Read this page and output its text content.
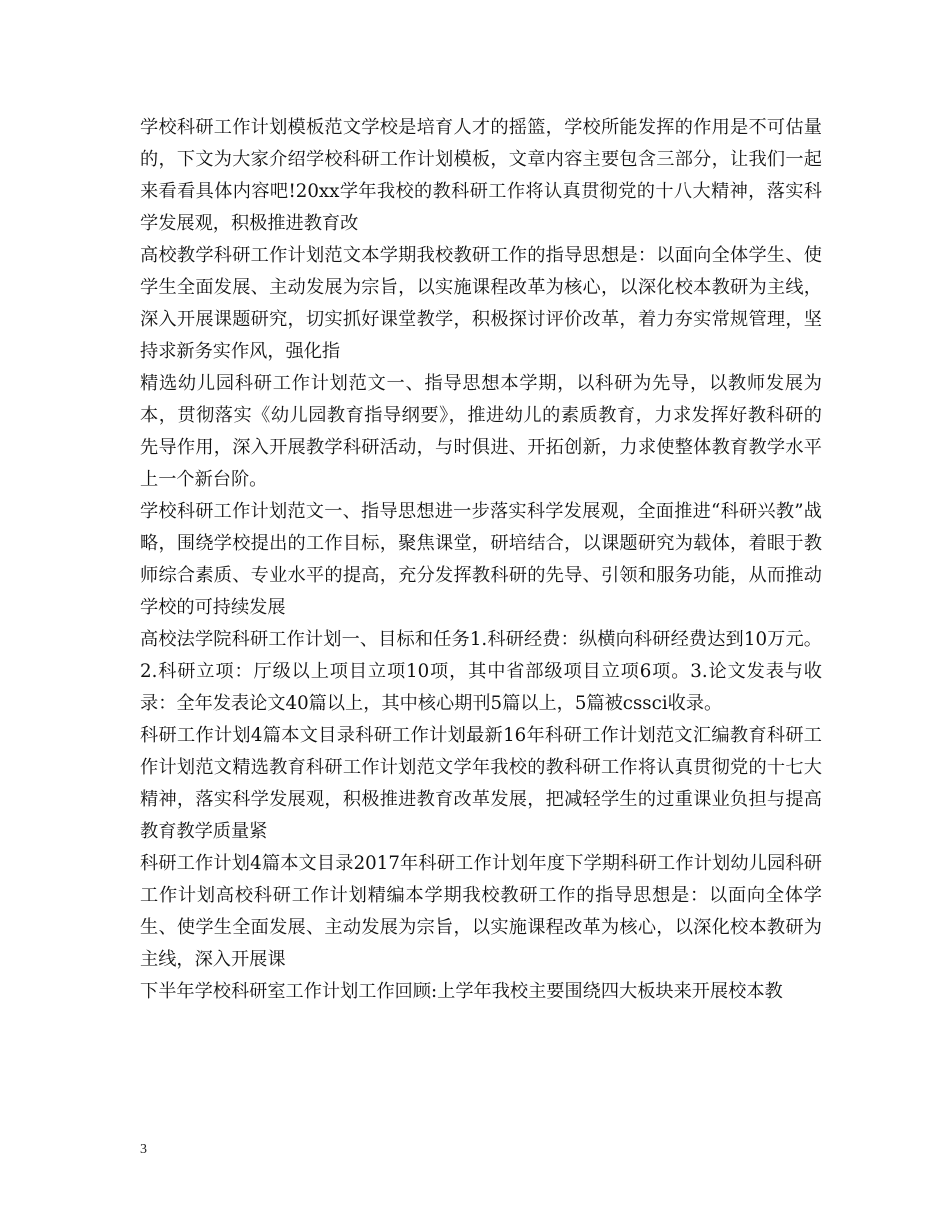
学校科研工作计划模板范文学校是培育人才的摇篮，学校所能发挥的作用是不可估量的，下文为大家介绍学校科研工作计划模板，文章内容主要包含三部分，让我们一起来看看具体内容吧!20xx学年我校的教科研工作将认真贯彻党的十八大精神，落实科学发展观，积极推进教育改

高校教学科研工作计划范文本学期我校教研工作的指导思想是：以面向全体学生、使学生全面发展、主动发展为宗旨，以实施课程改革为核心，以深化校本教研为主线，深入开展课题研究，切实抓好课堂教学，积极探讨评价改革，着力夯实常规管理，坚持求新务实作风，强化指

精选幼儿园科研工作计划范文一、指导思想本学期，以科研为先导，以教师发展为本，贯彻落实《幼儿园教育指导纲要》，推进幼儿的素质教育，力求发挥好教科研的先导作用，深入开展教学科研活动，与时俱进、开拓创新，力求使整体教育教学水平上一个新台阶。

学校科研工作计划范文一、指导思想进一步落实科学发展观，全面推进“科研兴教”战略，围绕学校提出的工作目标，聚焦课堂，研培结合，以课题研究为载体，着眼于教师综合素质、专业水平的提高，充分发挥教科研的先导、引领和服务功能，从而推动学校的可持续发展

高校法学院科研工作计划一、目标和任务1.科研经费：纵横向科研经费达到10万元。2.科研立项：厅级以上项目立项10项，其中省部级项目立项6项。3.论文发表与收录：全年发表论文40篇以上，其中核心期刊5篇以上，5篇被cssci收录。

科研工作计划4篇本文目录科研工作计划最新16年科研工作计划范文汇编教育科研工作计划范文精选教育科研工作计划范文学年我校的教科研工作将认真贯彻党的十七大精神，落实科学发展观，积极推进教育改革发展，把减轻学生的过重课业负担与提高教育教学质量紧

科研工作计划4篇本文目录2017年科研工作计划年度下学期科研工作计划幼儿园科研工作计划高校科研工作计划精编本学期我校教研工作的指导思想是：以面向全体学生、使学生全面发展、主动发展为宗旨，以实施课程改革为核心，以深化校本教研为主线，深入开展课

下半年学校科研室工作计划工作回顾:上学年我校主要围绕四大板块来开展校本教

3
